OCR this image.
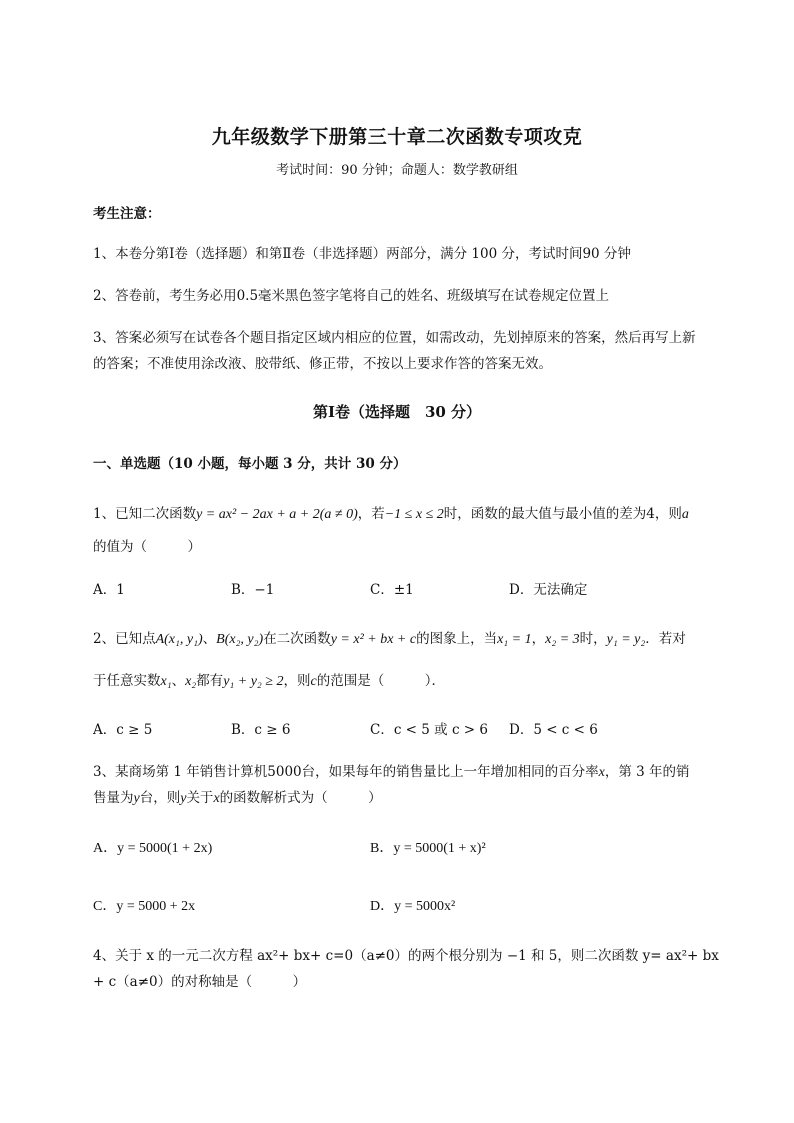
九年级数学下册第三十章二次函数专项攻克
考试时间：90 分钟；命题人：数学教研组
考生注意：
1、本卷分第Ⅰ卷（选择题）和第Ⅱ卷（非选择题）两部分，满分 100 分，考试时间90 分钟
2、答卷前，考生务必用0.5毫米黑色签字笔将自己的姓名、班级填写在试卷规定位置上
3、答案必须写在试卷各个题目指定区域内相应的位置，如需改动，先划掉原来的答案，然后再写上新
的答案；不准使用涂改液、胶带纸、修正带，不按以上要求作答的答案无效。
第Ⅰ卷（选择题　30 分）
一、单选题（10 小题，每小题 3 分，共计 30 分）
1、已知二次函数y = ax² − 2ax + a + 2(a ≠ 0)，若−1 ≤ x ≤ 2时，函数的最大值与最小值的差为4，则a
的值为（　　　）
A．1	B．−1	C．±1	D．无法确定
2、已知点A(x₁, y₁)、B(x₂, y₂)在二次函数y = x² + bx + c的图象上，当x₁ = 1，x₂ = 3时，y₁ = y₂．若对
于任意实数x₁、x₂都有y₁ + y₂ ≥ 2，则c的范围是（　　　）．
A．c ≥ 5	B．c ≥ 6	C．c < 5 或 c > 6 D．5 < c < 6
3、某商场第 1 年销售计算机5000台，如果每年的销售量比上一年增加相同的百分率x，第 3 年的销
售量为y台，则y关于x的函数解析式为（　　　）
A．y = 5000(1 + 2x)	B．y = 5000(1 + x)²
C．y = 5000 + 2x	D．y = 5000x²
4、关于 x 的一元二次方程 ax²+ bx+ c=0（a≠0）的两个根分别为 −1 和 5，则二次函数 y= ax²+ bx
+ c（a≠0）的对称轴是（　　　）
